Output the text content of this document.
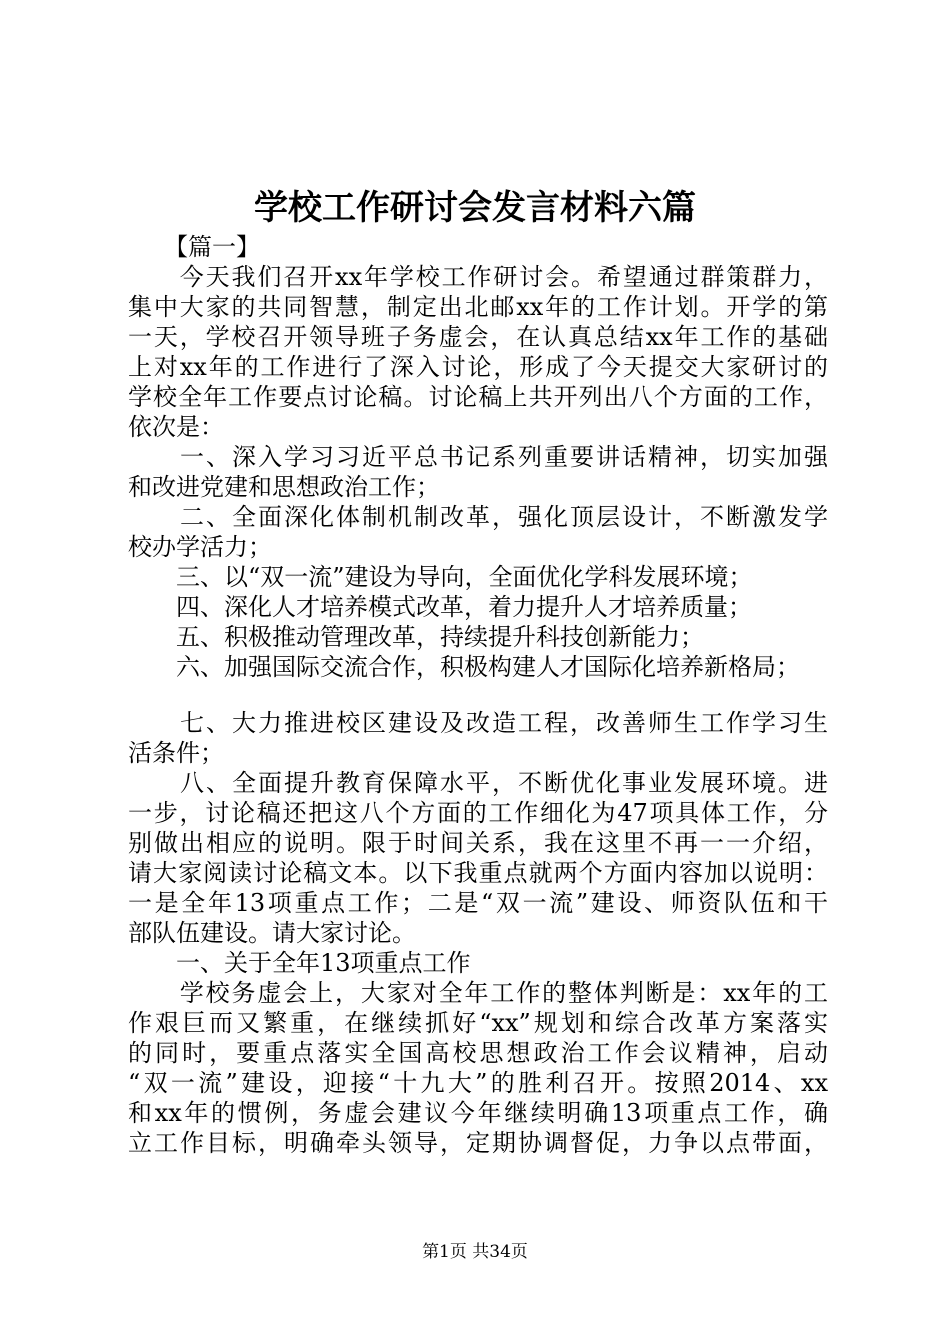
学校工作研讨会发言材料六篇
　　【篇一】
　　今天我们召开xx年学校工作研讨会。希望通过群策群力，
集中大家的共同智慧，制定出北邮xx年的工作计划。开学的第
一天，学校召开领导班子务虚会，在认真总结xx年工作的基础
上对xx年的工作进行了深入讨论，形成了今天提交大家研讨的
学校全年工作要点讨论稿。讨论稿上共开列出八个方面的工作，
依次是：
　　一、深入学习习近平总书记系列重要讲话精神，切实加强
和改进党建和思想政治工作；
　　二、全面深化体制机制改革，强化顶层设计，不断激发学
校办学活力；
　　三、以“双一流”建设为导向，全面优化学科发展环境；
　　四、深化人才培养模式改革，着力提升人才培养质量；
　　五、积极推动管理改革，持续提升科技创新能力；
　　六、加强国际交流合作，积极构建人才国际化培养新格局；
　　七、大力推进校区建设及改造工程，改善师生工作学习生
活条件；
　　八、全面提升教育保障水平，不断优化事业发展环境。进
一步，讨论稿还把这八个方面的工作细化为47项具体工作，分
别做出相应的说明。限于时间关系，我在这里不再一一介绍，
请大家阅读讨论稿文本。以下我重点就两个方面内容加以说明：
一是全年13项重点工作；二是“双一流”建设、师资队伍和干
部队伍建设。请大家讨论。
　　一、关于全年13项重点工作
　　学校务虚会上，大家对全年工作的整体判断是：xx年的工
作艰巨而又繁重，在继续抓好“xx”规划和综合改革方案落实
的同时，要重点落实全国高校思想政治工作会议精神，启动
“双一流”建设，迎接“十九大”的胜利召开。按照2014、xx
和xx年的惯例，务虚会建议今年继续明确13项重点工作，确
立工作目标，明确牵头领导，定期协调督促，力争以点带面，
第1页 共34页
